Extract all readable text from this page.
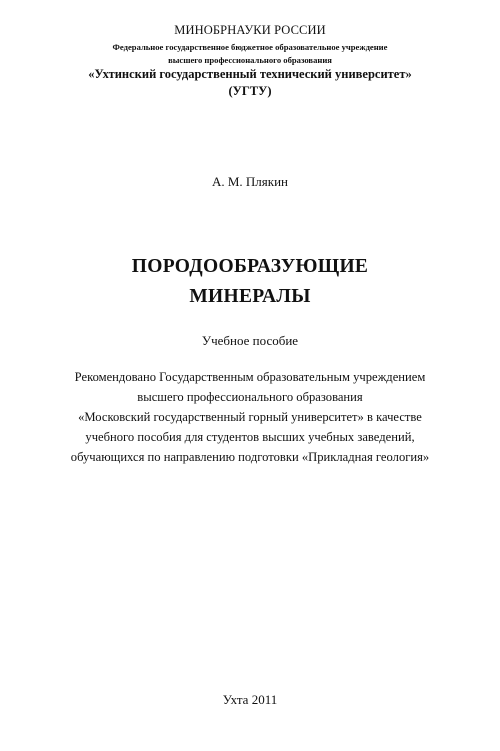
МИНОБРНАУКИ РОССИИ
Федеральное государственное бюджетное образовательное учреждение
высшего профессионального образования
«Ухтинский государственный технический университет»
(УГТУ)
А. М. Плякин
ПОРОДООБРАЗУЮЩИЕ
МИНЕРАЛЫ
Учебное пособие
Рекомендовано Государственным образовательным учреждением
высшего профессионального образования
«Московский государственный горный университет» в качестве
учебного пособия для студентов высших учебных заведений,
обучающихся по направлению подготовки «Прикладная геология»
Ухта 2011
